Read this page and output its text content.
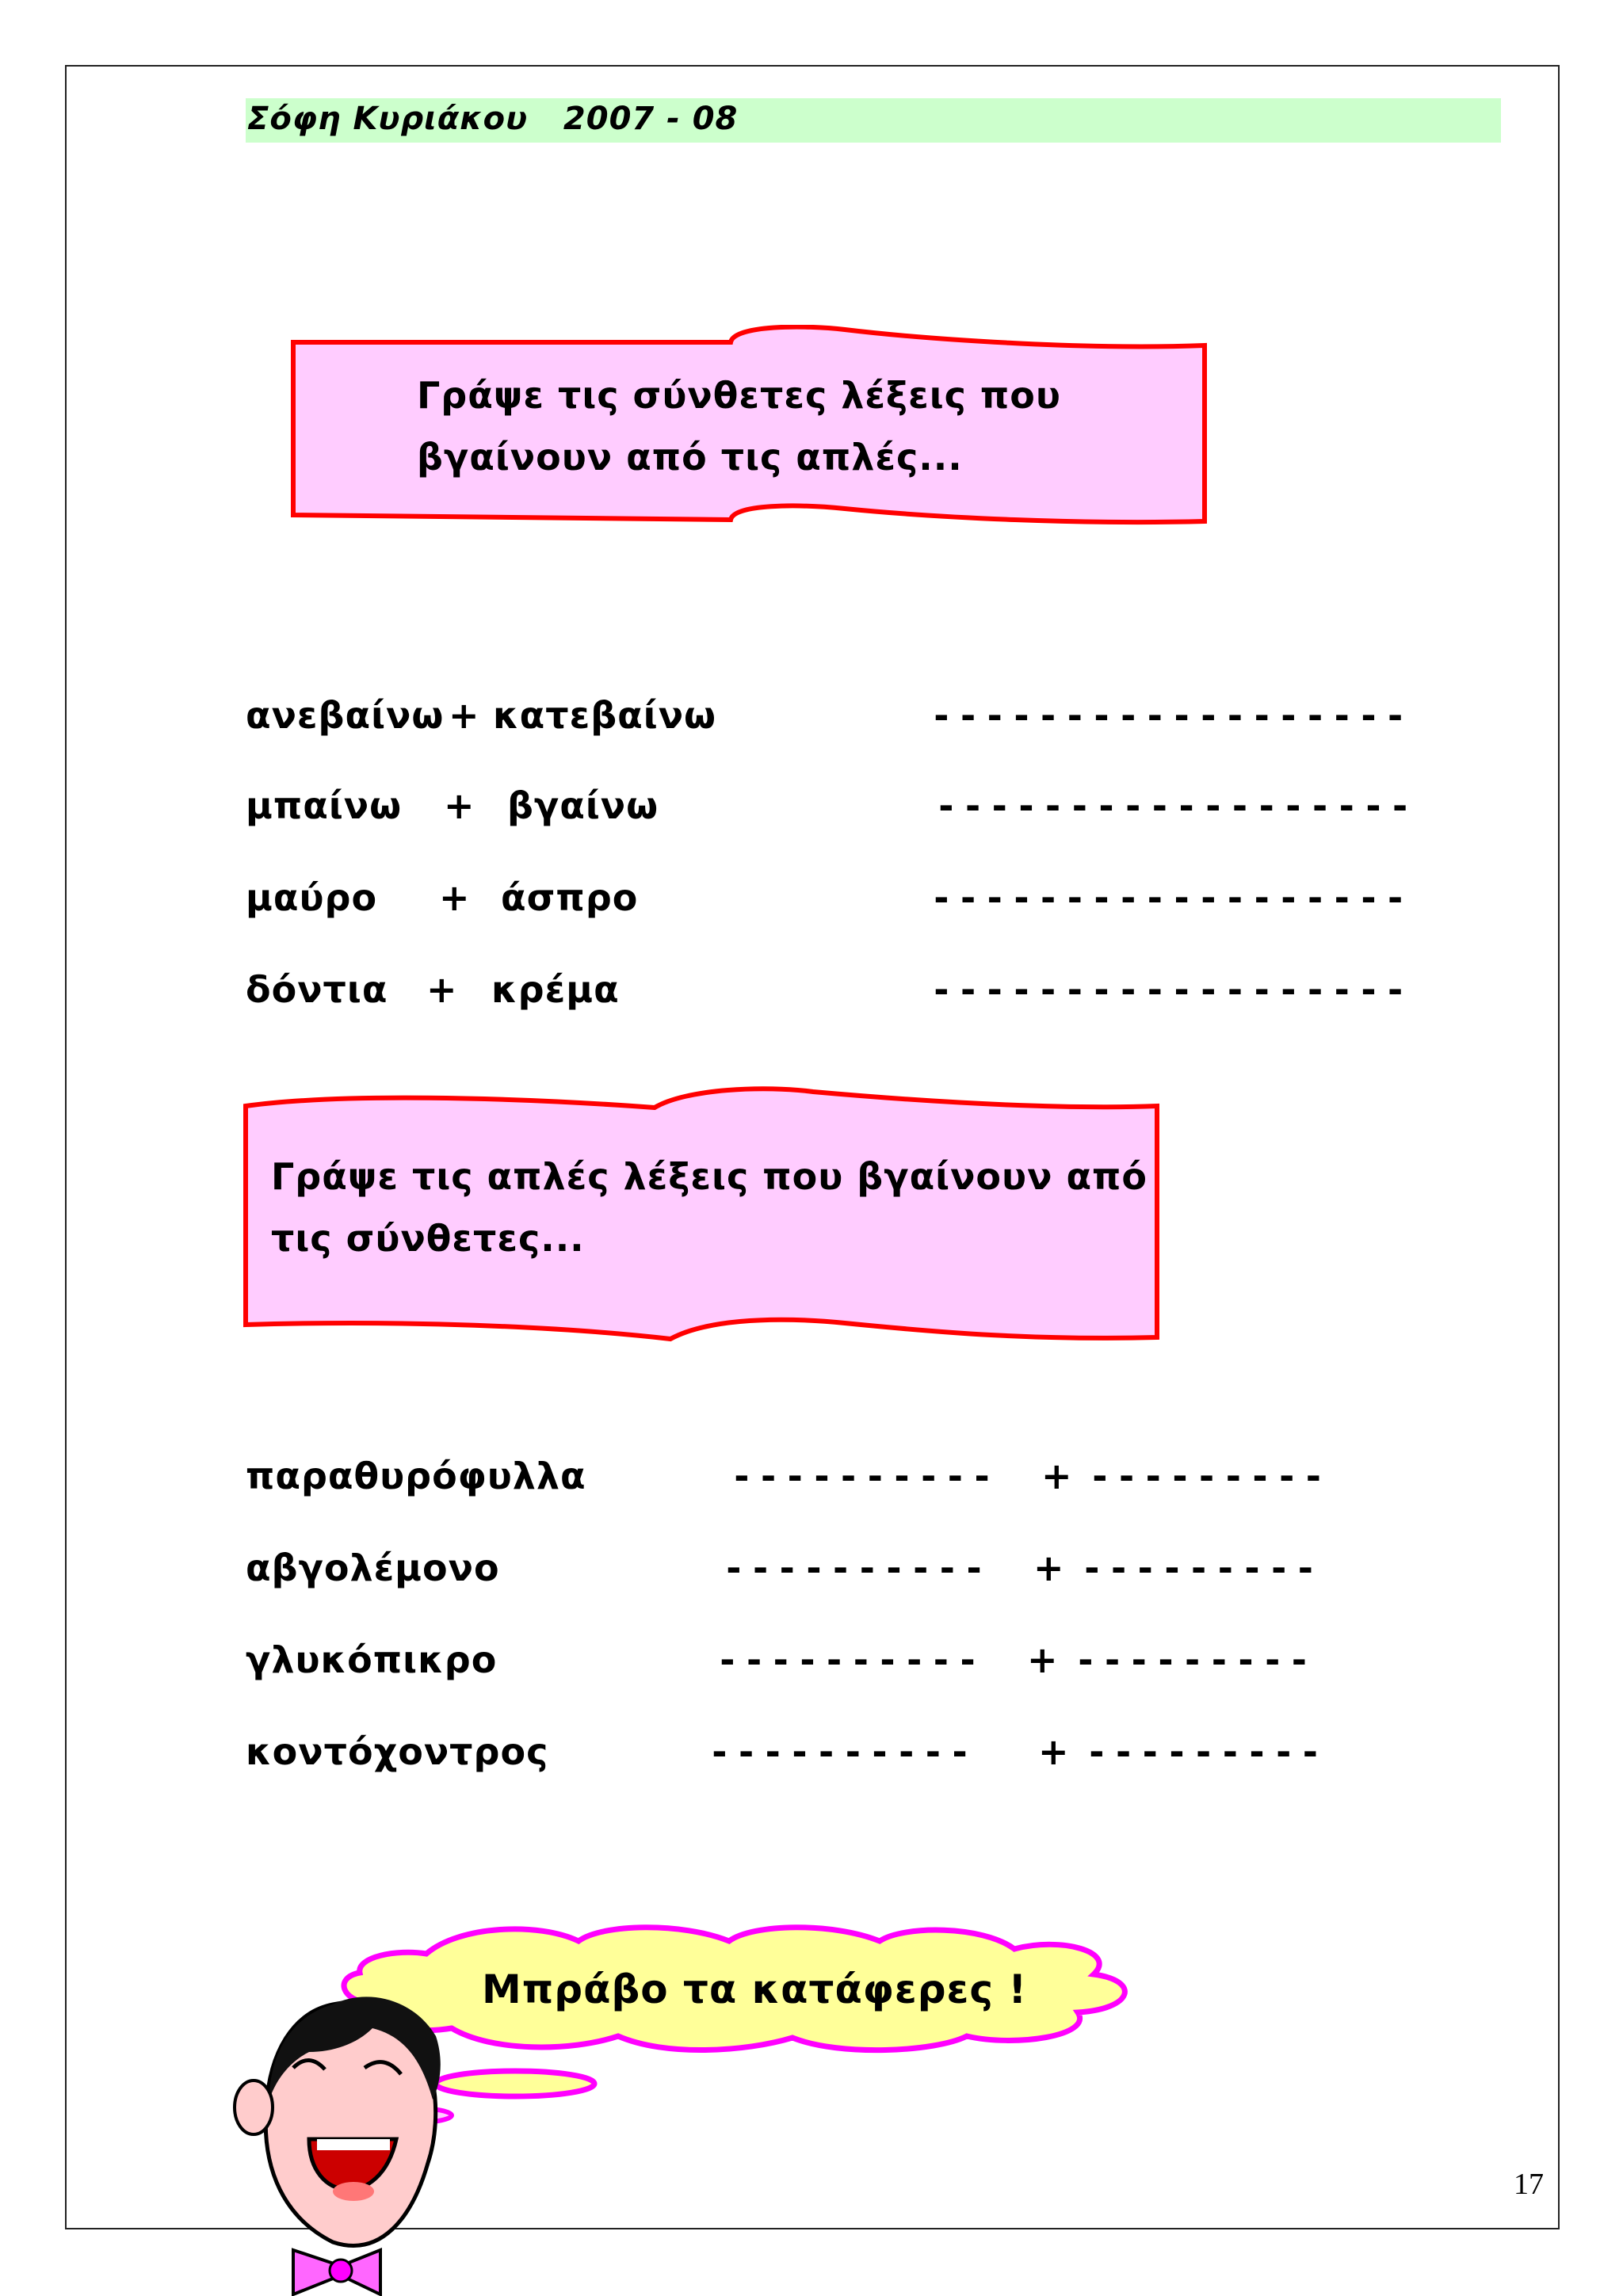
Σόφη Κυριάκου 2007 - 08
Γράψε τις σύνθετες λέξεις που
βγαίνουν από τις απλές...
ανεβαίνω + κατεβαίνω	------------------
μπαίνω + βγαίνω	------------------
μαύρο + άσπρο	------------------
δόντια + κρέμα	------------------
Γράψε τις απλές λέξεις που βγαίνουν από
τις σύνθετες...
παραθυρόφυλλα	---------- + ---------
αβγολέμονο	---------- + ---------
γλυκόπικρο	---------- + ---------
κοντόχοντρος	---------- + ---------
Μπράβο τα κατάφερες !
17
